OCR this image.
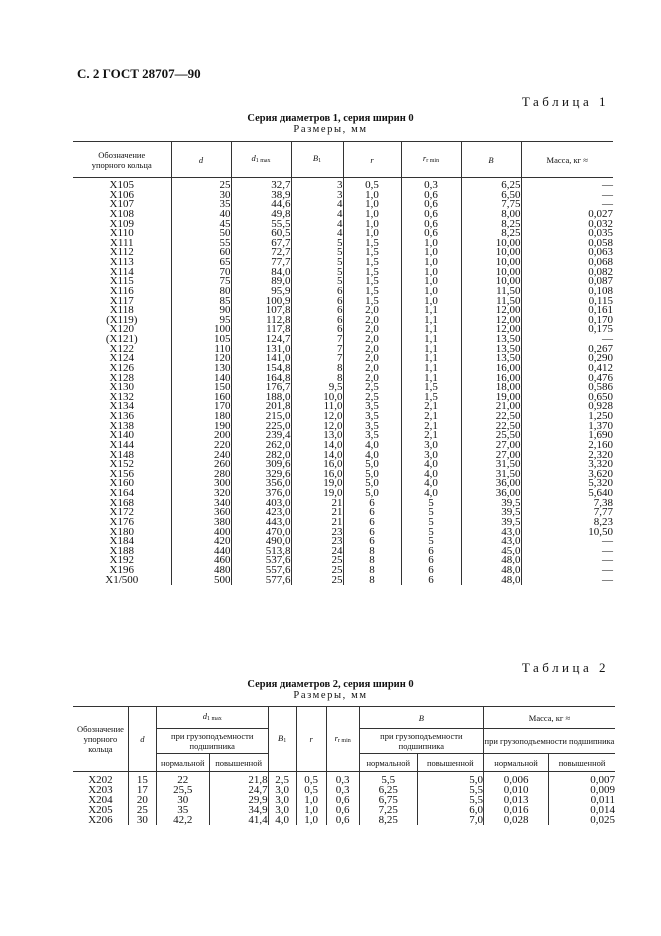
С. 2 ГОСТ 28707—90
Таблица 1
Серия диаметров 1, серия ширин 0
Размеры, мм
Обозначение упорного кольца	d	$d_{1 max}$	$B_1$	r	$r_{r min}$	B	Масса, кг ≈
X105	25	32,7	3	0,5	0,3	6,25	—
X106	30	38,9	3	1,0	0,6	6,50	—
X107	35	44,6	4	1,0	0,6	7,75	—
X108	40	49,8	4	1,0	0,6	8,00	0,027
X109	45	55,5	4	1,0	0,6	8,25	0,032
X110	50	60,5	4	1,0	0,6	8,25	0,035
X111	55	67,7	5	1,5	1,0	10,00	0,058
X112	60	72,7	5	1,5	1,0	10,00	0,063
X113	65	77,7	5	1,5	1,0	10,00	0,068
X114	70	84,0	5	1,5	1,0	10,00	0,082
X115	75	89,0	5	1,5	1,0	10,00	0,087
X116	80	95,9	6	1,5	1,0	11,50	0,108
X117	85	100,9	6	1,5	1,0	11,50	0,115
X118	90	107,8	6	2,0	1,1	12,00	0,161
(X119)	95	112,8	6	2,0	1,1	12,00	0,170
X120	100	117,8	6	2,0	1,1	12,00	0,175
(X121)	105	124,7	7	2,0	1,1	13,50	—
X122	110	131,0	7	2,0	1,1	13,50	0,267
X124	120	141,0	7	2,0	1,1	13,50	0,290
X126	130	154,8	8	2,0	1,1	16,00	0,412
X128	140	164,8	8	2,0	1,1	16,00	0,476
X130	150	176,7	9,5	2,5	1,5	18,00	0,586
X132	160	188,0	10,0	2,5	1,5	19,00	0,650
X134	170	201,8	11,0	3,5	2,1	21,00	0,928
X136	180	215,0	12,0	3,5	2,1	22,50	1,250
X138	190	225,0	12,0	3,5	2,1	22,50	1,370
X140	200	239,4	13,0	3,5	2,1	25,50	1,690
X144	220	262,0	14,0	4,0	3,0	27,00	2,160
X148	240	282,0	14,0	4,0	3,0	27,00	2,320
X152	260	309,6	16,0	5,0	4,0	31,50	3,320
X156	280	329,6	16,0	5,0	4,0	31,50	3,620
X160	300	356,0	19,0	5,0	4,0	36,00	5,320
X164	320	376,0	19,0	5,0	4,0	36,00	5,640
X168	340	403,0	21	6	5	39,5	7,38
X172	360	423,0	21	6	5	39,5	7,77
X176	380	443,0	21	6	5	39,5	8,23
X180	400	470,0	23	6	5	43,0	10,50
X184	420	490,0	23	6	5	43,0	—
X188	440	513,8	24	8	6	45,0	—
X192	460	537,6	25	8	6	48,0	—
X196	480	557,6	25	8	6	48,0	—
X1/500	500	577,6	25	8	6	48,0	—
Таблица 2
Серия диаметров 2, серия ширин 0
Размеры, мм
Обозначение упорного кольца	d	$d_{1 max}$		$B_1$	r	$r_{r min}$	B		Масса, кг ≈	
		при грузоподъемности подшипника					при грузоподъемности подшипника		при грузоподъемности подшипника	
		нормальной	повышенной				нормальной	повышенной	нормальной	повышенной
X202	15	22	21,8	2,5	0,5	0,3	5,5	5,0	0,006	0,007
X203	17	25,5	24,7	3,0	0,5	0,3	6,25	5,5	0,010	0,009
X204	20	30	29,9	3,0	1,0	0,6	6,75	5,5	0,013	0,011
X205	25	35	34,9	3,0	1,0	0,6	7,25	6,0	0,016	0,014
X206	30	42,2	41,4	4,0	1,0	0,6	8,25	7,0	0,028	0,025
